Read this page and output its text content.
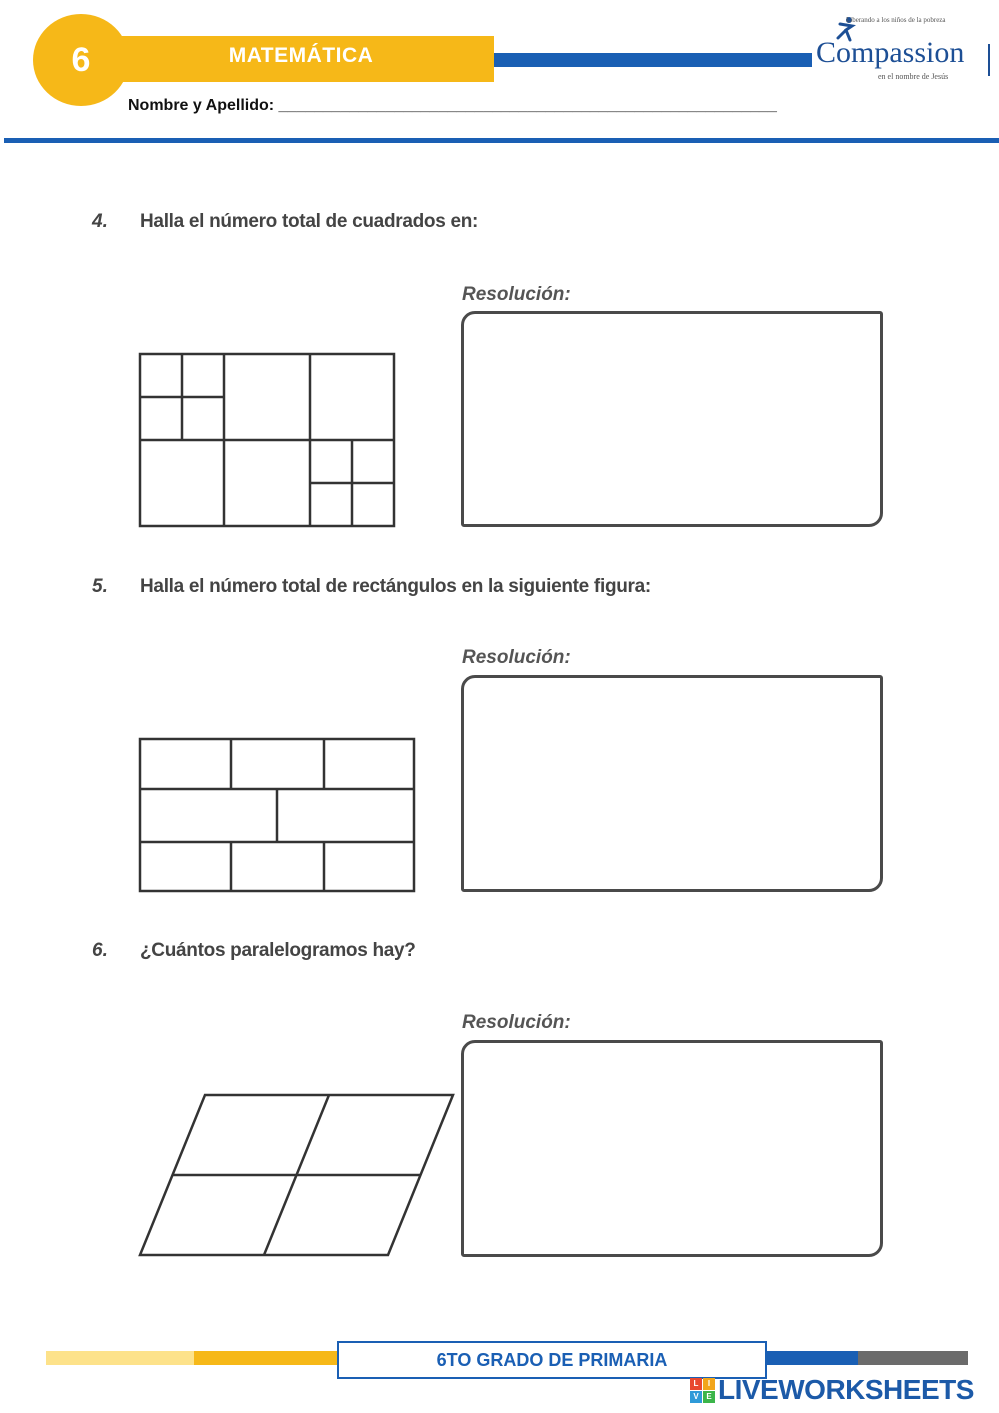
6	MATEMÁTICA
Liberando a los niños de la pobreza
Compassion
en el nombre de Jesús
Nombre y Apellido: ________________________________________________________
4. Halla el número total de cuadrados en:
Resolución:
5. Halla el número total de rectángulos en la siguiente figura:
Resolución:
6. ¿Cuántos paralelogramos hay?
Resolución:
6TO GRADO DE PRIMARIA
L	I
V E LIVEWORKSHEETS
